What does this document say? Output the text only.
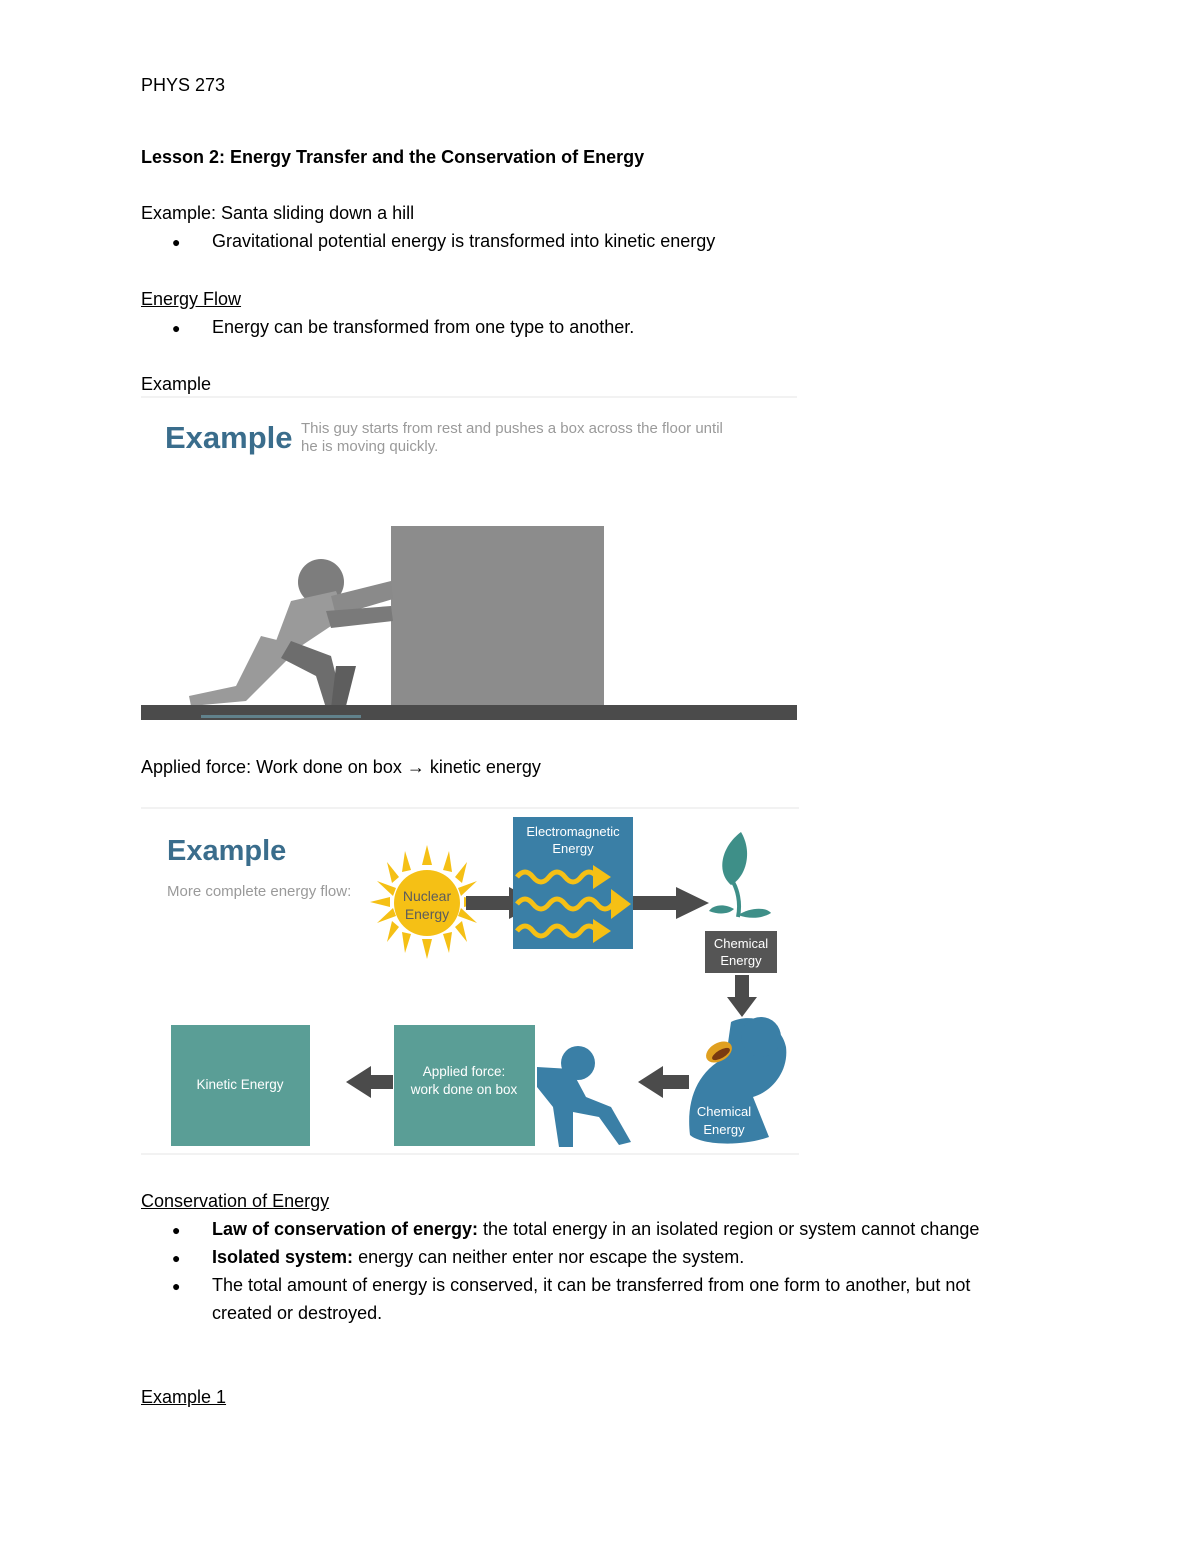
PHYS 273
Lesson 2: Energy Transfer and the Conservation of Energy
Example: Santa sliding down a hill
● Gravitational potential energy is transformed into kinetic energy
Energy Flow
● Energy can be transformed from one type to another.
Example
Example This guy starts from rest and pushes a box across the floor until
he is moving quickly.
Applied force: Work done on box → kinetic energy
Example
More complete energy flow:	Nuclear
Energy
Electromagnetic
Energy
Chemical
Energy
Chemical
Energy
Applied force:
work done on box
Kinetic Energy
Conservation of Energy
● Law of conservation of energy: the total energy in an isolated region or system cannot change
● Isolated system: energy can neither enter nor escape the system.
● The total amount of energy is conserved, it can be transferred from one form to another, but not
created or destroyed.
Example 1
